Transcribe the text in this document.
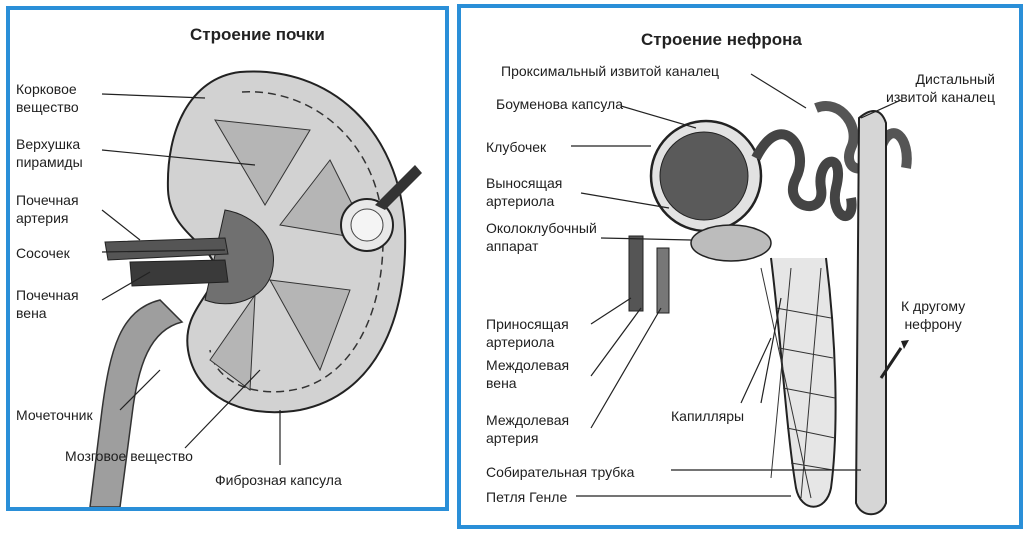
Строение почки
Корковое
вещество
Верхушка
пирамиды
Почечная
артерия
Сосочек
Почечная
вена
Мочеточник
Мозговое вещество
Фиброзная капсула
Строение нефрона
Проксимальный извитой каналец	Дистальный
извитой каналец
Боуменова капсула
Клубочек
Выносящая
артериола
Околоклубочный
аппарат
Приносящая
артериола
Междолевая
вена
Междолевая
артерия
Капилляры
К другому
нефрону
Собирательная трубка
Петля Генле
